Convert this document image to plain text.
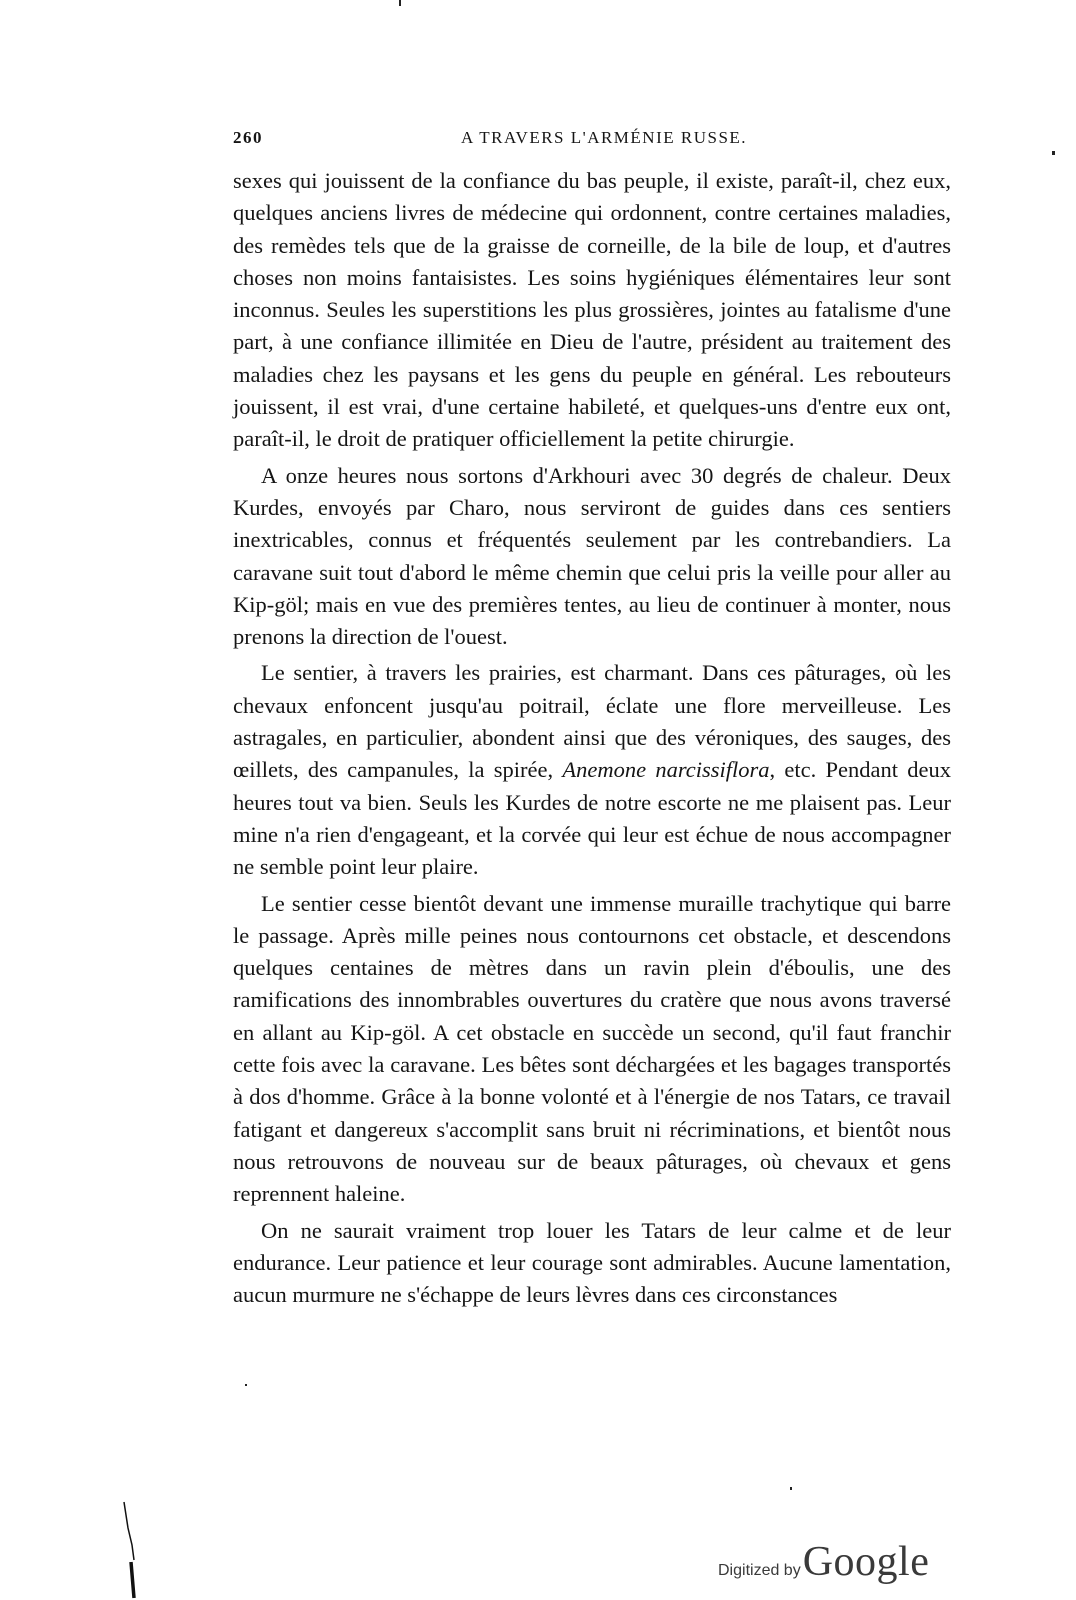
260	A TRAVERS L'ARMÉNIE RUSSE.

sexes qui jouissent de la confiance du bas peuple, il existe, paraît-il, chez eux, quelques anciens livres de médecine qui ordonnent, contre certaines maladies, des remèdes tels que de la graisse de corneille, de la bile de loup, et d'autres choses non moins fantaisistes. Les soins hygiéniques élémentaires leur sont inconnus. Seules les superstitions les plus grossières, jointes au fatalisme d'une part, à une confiance illimitée en Dieu de l'autre, président au traitement des maladies chez les paysans et les gens du peuple en général. Les rebouteurs jouissent, il est vrai, d'une certaine habileté, et quelques-uns d'entre eux ont, paraît-il, le droit de pratiquer officiellement la petite chirurgie.

A onze heures nous sortons d'Arkhouri avec 30 degrés de chaleur. Deux Kurdes, envoyés par Charo, nous serviront de guides dans ces sentiers inextricables, connus et fréquentés seulement par les contrebandiers. La caravane suit tout d'abord le même chemin que celui pris la veille pour aller au Kip-göl; mais en vue des premières tentes, au lieu de continuer à monter, nous prenons la direction de l'ouest.

Le sentier, à travers les prairies, est charmant. Dans ces pâturages, où les chevaux enfoncent jusqu'au poitrail, éclate une flore merveilleuse. Les astragales, en particulier, abondent ainsi que des véroniques, des sauges, des œillets, des campanules, la spirée, Anemone narcissiflora, etc. Pendant deux heures tout va bien. Seuls les Kurdes de notre escorte ne me plaisent pas. Leur mine n'a rien d'engageant, et la corvée qui leur est échue de nous accompagner ne semble point leur plaire.

Le sentier cesse bientôt devant une immense muraille trachytique qui barre le passage. Après mille peines nous contournons cet obstacle, et descendons quelques centaines de mètres dans un ravin plein d'éboulis, une des ramifications des innombrables ouvertures du cratère que nous avons traversé en allant au Kip-göl. A cet obstacle en succède un second, qu'il faut franchir cette fois avec la caravane. Les bêtes sont déchargées et les bagages transportés à dos d'homme. Grâce à la bonne volonté et à l'énergie de nos Tatars, ce travail fatigant et dangereux s'accomplit sans bruit ni récriminations, et bientôt nous nous retrouvons de nouveau sur de beaux pâturages, où chevaux et gens reprennent haleine.

On ne saurait vraiment trop louer les Tatars de leur calme et de leur endurance. Leur patience et leur courage sont admirables. Aucune lamentation, aucun murmure ne s'échappe de leurs lèvres dans ces circonstances

Digitized byGoogle
